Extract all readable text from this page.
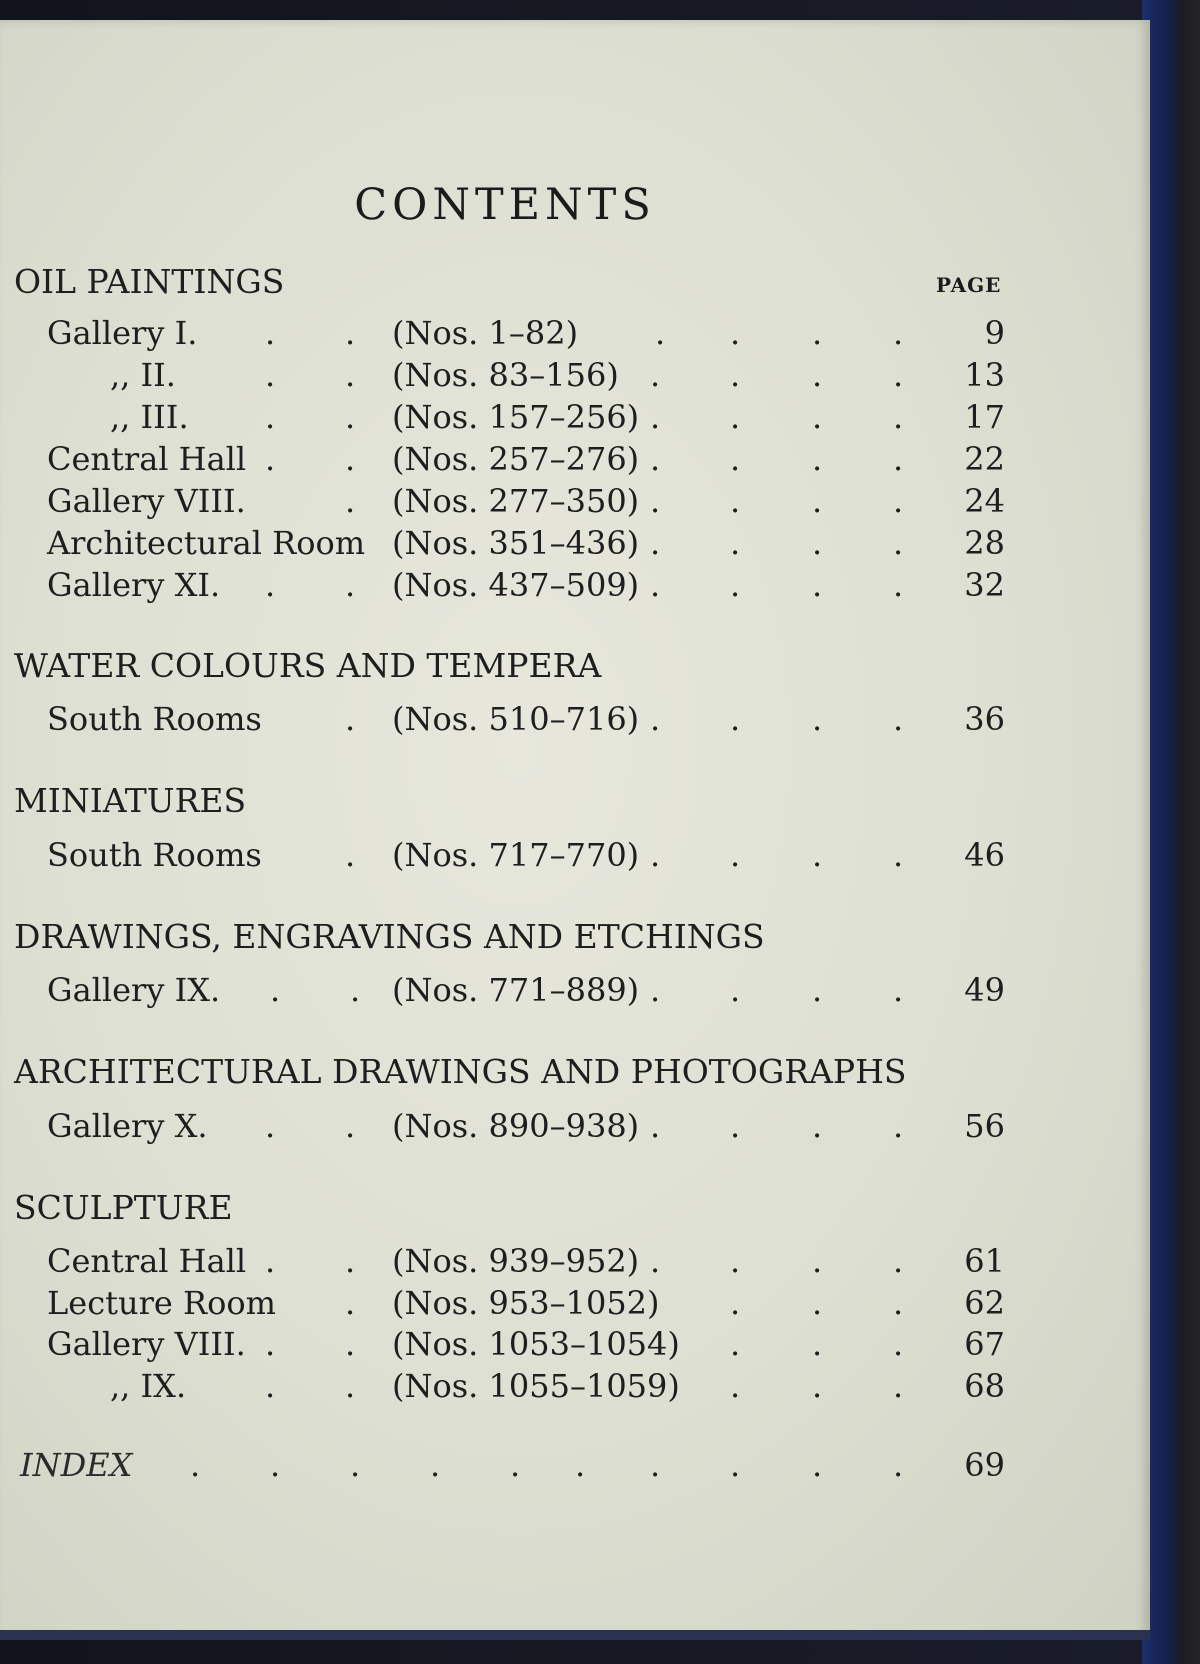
CONTENTS
PAGE
OIL PAINTINGS
Gallery I. . . (Nos. 1–82) . . . .	9
,, II.	. . (Nos. 83–156) . . . . 13
,, III. . . (Nos. 157–256) . . . . 17
Central Hall . . (Nos. 257–276) . . . . 22
Gallery VIII.	. (Nos. 277–350) . . . . 24
Architectural Room (Nos. 351–436) . . . . 28
Gallery XI. . . (Nos. 437–509) . . . . 32
WATER COLOURS AND TEMPERA
South Rooms	. (Nos. 510–716) . . . . 36
MINIATURES
South Rooms	. (Nos. 717–770) . . . . 46
DRAWINGS, ENGRAVINGS AND ETCHINGS
Gallery IX. . . (Nos. 771–889) . . . . 49
ARCHITECTURAL DRAWINGS AND PHOTOGRAPHS
Gallery X. . . (Nos. 890–938) . . . . 56
SCULPTURE
Central Hall . . (Nos. 939–952) . . . . 61
Lecture Room . (Nos. 953–1052) . . . 62
Gallery VIII. . . (Nos. 1053–1054) . . . 67
,, IX. . . (Nos. 1055–1059) . . . 68
INDEX . . . . . . . . . . 69
